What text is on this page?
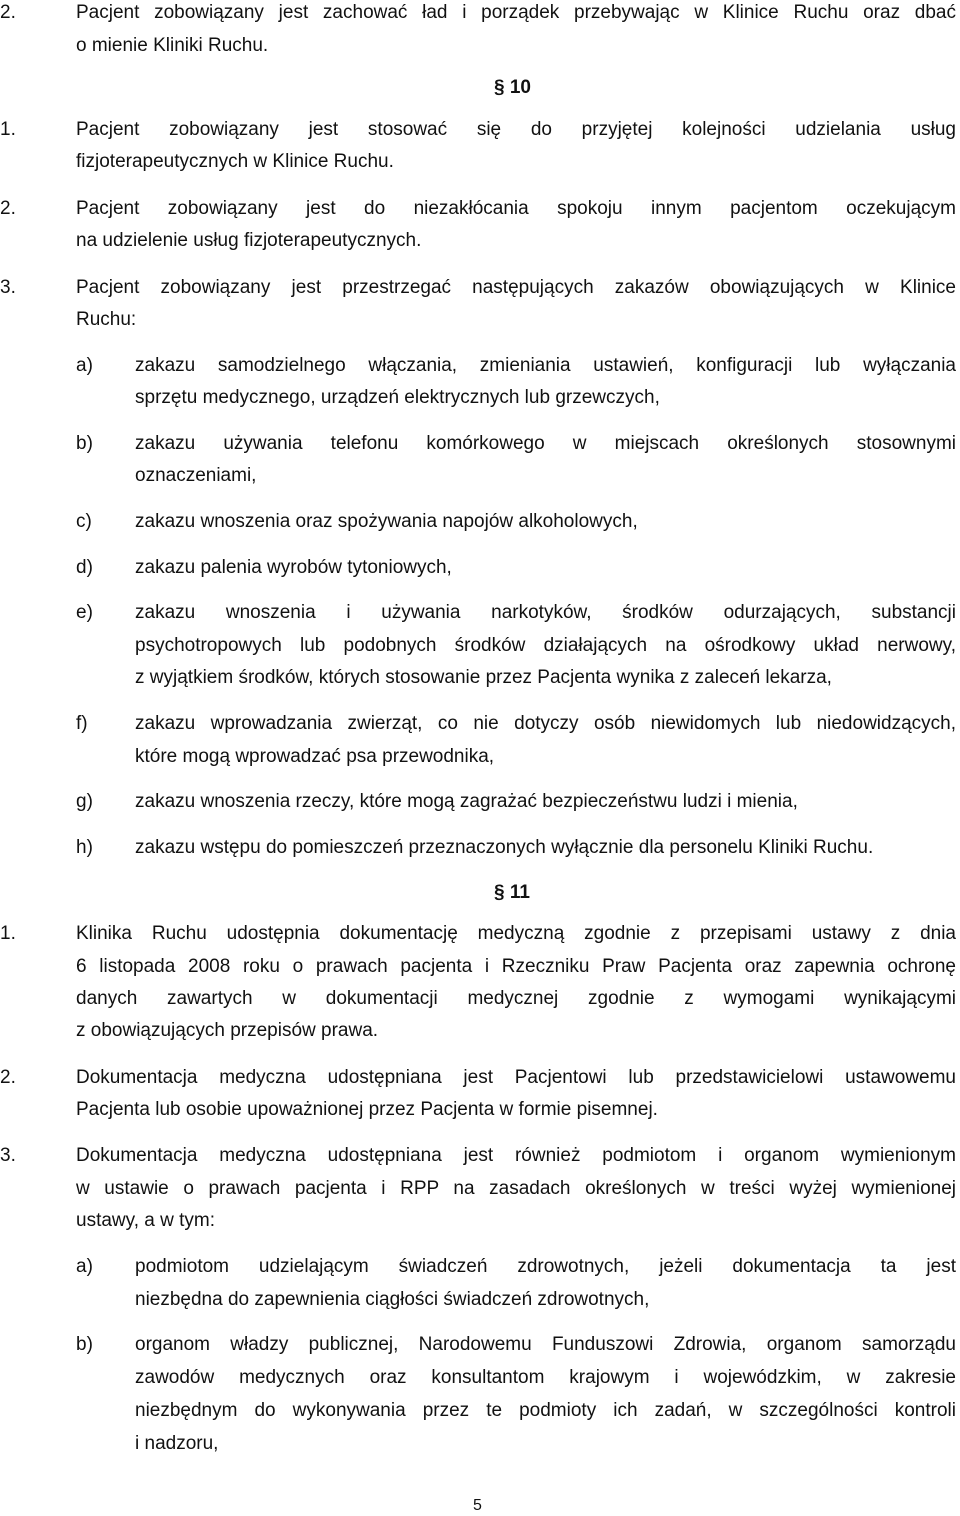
2.	Pacjent zobowiązany jest zachować ład i porządek przebywając w Klinice Ruchu oraz dbać
o mienie Kliniki Ruchu.
§ 10
1.	Pacjent zobowiązany jest stosować się do przyjętej kolejności udzielania usług
fizjoterapeutycznych w Klinice Ruchu.
2.	Pacjent zobowiązany jest do niezakłócania spokoju innym pacjentom oczekującym
na udzielenie usług fizjoterapeutycznych.
3.	Pacjent zobowiązany jest przestrzegać następujących zakazów obowiązujących w Klinice
Ruchu:
a) zakazu samodzielnego włączania, zmieniania ustawień, konfiguracji lub wyłączania
sprzętu medycznego, urządzeń elektrycznych lub grzewczych,
b) zakazu używania telefonu komórkowego w miejscach określonych stosownymi
oznaczeniami,
c) zakazu wnoszenia oraz spożywania napojów alkoholowych,
d) zakazu palenia wyrobów tytoniowych,
e) zakazu wnoszenia i używania narkotyków, środków odurzających, substancji
psychotropowych lub podobnych środków działających na ośrodkowy układ nerwowy,
z wyjątkiem środków, których stosowanie przez Pacjenta wynika z zaleceń lekarza,
f) zakazu wprowadzania zwierząt, co nie dotyczy osób niewidomych lub niedowidzących,
które mogą wprowadzać psa przewodnika,
g) zakazu wnoszenia rzeczy, które mogą zagrażać bezpieczeństwu ludzi i mienia,
h) zakazu wstępu do pomieszczeń przeznaczonych wyłącznie dla personelu Kliniki Ruchu.
§ 11
1.	Klinika Ruchu udostępnia dokumentację medyczną zgodnie z przepisami ustawy z dnia
6 listopada 2008 roku o prawach pacjenta i Rzeczniku Praw Pacjenta oraz zapewnia ochronę
danych zawartych w dokumentacji medycznej zgodnie z wymogami wynikającymi
z obowiązujących przepisów prawa.
2.	Dokumentacja medyczna udostępniana jest Pacjentowi lub przedstawicielowi ustawowemu
Pacjenta lub osobie upoważnionej przez Pacjenta w formie pisemnej.
3.	Dokumentacja medyczna udostępniana jest również podmiotom i organom wymienionym
w ustawie o prawach pacjenta i RPP na zasadach określonych w treści wyżej wymienionej
ustawy, a w tym:
a) podmiotom udzielającym świadczeń zdrowotnych, jeżeli dokumentacja ta jest
niezbędna do zapewnienia ciągłości świadczeń zdrowotnych,
b) organom władzy publicznej, Narodowemu Funduszowi Zdrowia, organom samorządu
zawodów medycznych oraz konsultantom krajowym i wojewódzkim, w zakresie
niezbędnym do wykonywania przez te podmioty ich zadań, w szczególności kontroli
i nadzoru,
5
